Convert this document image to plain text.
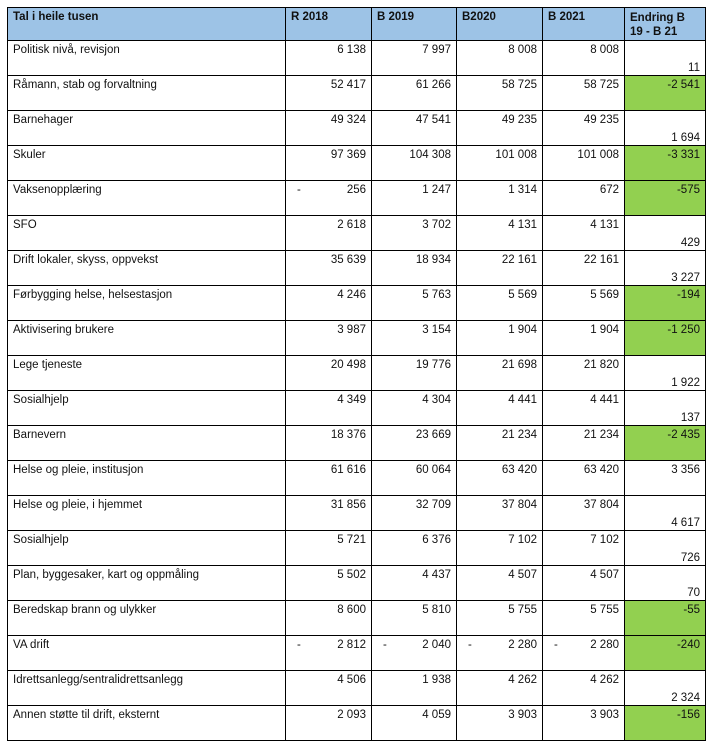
Tal i heile tusen	R 2018	B 2019	B2020	B 2021	Endring B 19 - B 21
Politisk nivå, revisjon	6 138	7 997	8 008	8 008	11
Råmann, stab og forvaltning	52 417	61 266	58 725	58 725	-2 541
Barnehager	49 324	47 541	49 235	49 235	1 694
Skuler	97 369	104 308	101 008	101 008	-3 331
Vaksenopplæring	- 256	1 247	1 314	672	-575
SFO	2 618	3 702	4 131	4 131	429
Drift lokaler, skyss, oppvekst	35 639	18 934	22 161	22 161	3 227
Førbygging helse, helsestasjon	4 246	5 763	5 569	5 569	-194
Aktivisering brukere	3 987	3 154	1 904	1 904	-1 250
Lege tjeneste	20 498	19 776	21 698	21 820	1 922
Sosialhjelp	4 349	4 304	4 441	4 441	137
Barnevern	18 376	23 669	21 234	21 234	-2 435
Helse og pleie, institusjon	61 616	60 064	63 420	63 420	3 356
Helse og pleie, i hjemmet	31 856	32 709	37 804	37 804	4 617
Sosialhjelp	5 721	6 376	7 102	7 102	726
Plan, byggesaker, kart og oppmåling	5 502	4 437	4 507	4 507	70
Beredskap brann og ulykker	8 600	5 810	5 755	5 755	-55
VA drift	- 2 812	- 2 040	- 2 280	- 2 280	-240
Idrettsanlegg/sentralidrettsanlegg	4 506	1 938	4 262	4 262	2 324
Annen støtte til drift, eksternt	2 093	4 059	3 903	3 903	-156
